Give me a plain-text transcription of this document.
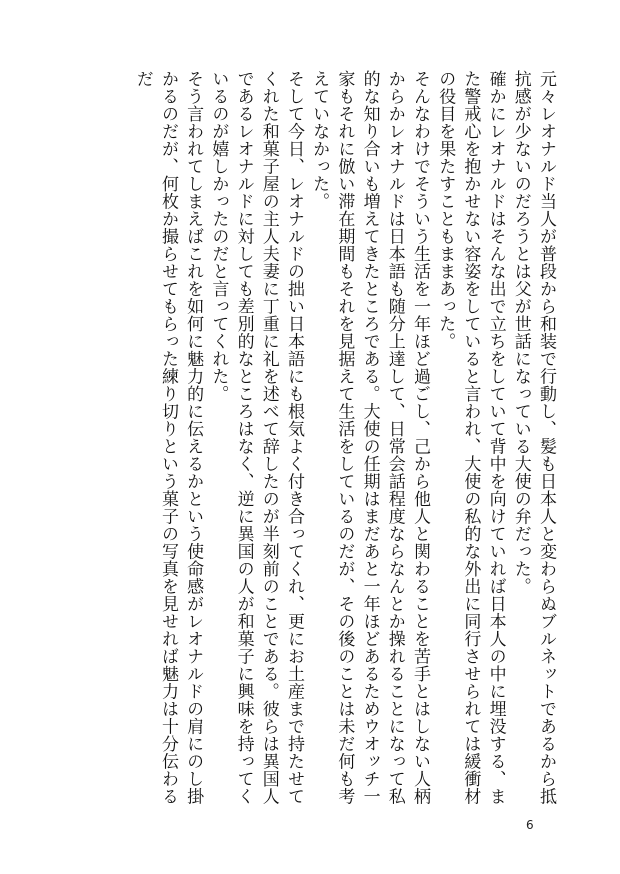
元々レオナルド当人が普段から和装で行動し、髪も日本人と変わらぬブルネットであるから抵抗感が少ないのだろうとは父が世話になっている大使の弁だった。

確かにレオナルドはそんな出で立ちをしていて背中を向けていれば日本人の中に埋没する、また警戒心を抱かせない容姿をしていると言われ、大使の私的な外出に同行させられては緩衝材の役目を果たすこともままあった。

そんなわけでそういう生活を一年ほど過ごし、己から他人と関わることを苦手とはしない人柄からかレオナルドは日本語も随分上達して、日常会話程度ならなんとか操れることになって私的な知り合いも増えてきたところである。大使の任期はまだあと一年ほどあるためウオッチ一家もそれに倣い滞在期間もそれを見据えて生活をしているのだが、その後のことは未だ何も考えていなかった。

そして今日、レオナルドの拙い日本語にも根気よく付き合ってくれ、更にお土産まで持たせてくれた和菓子屋の主人夫妻に丁重に礼を述べて辞したのが半刻前のことである。彼らは異国人であるレオナルドに対しても差別的なところはなく、逆に異国の人が和菓子に興味を持ってくいるのが嬉しかったのだと言ってくれた。

そう言われてしまえばこれを如何に魅力的に伝えるかという使命感がレオナルドの肩にのし掛かるのだが、何枚か撮らせてもらった練り切りという菓子の写真を見せれば魅力は十分伝わるだ

6
